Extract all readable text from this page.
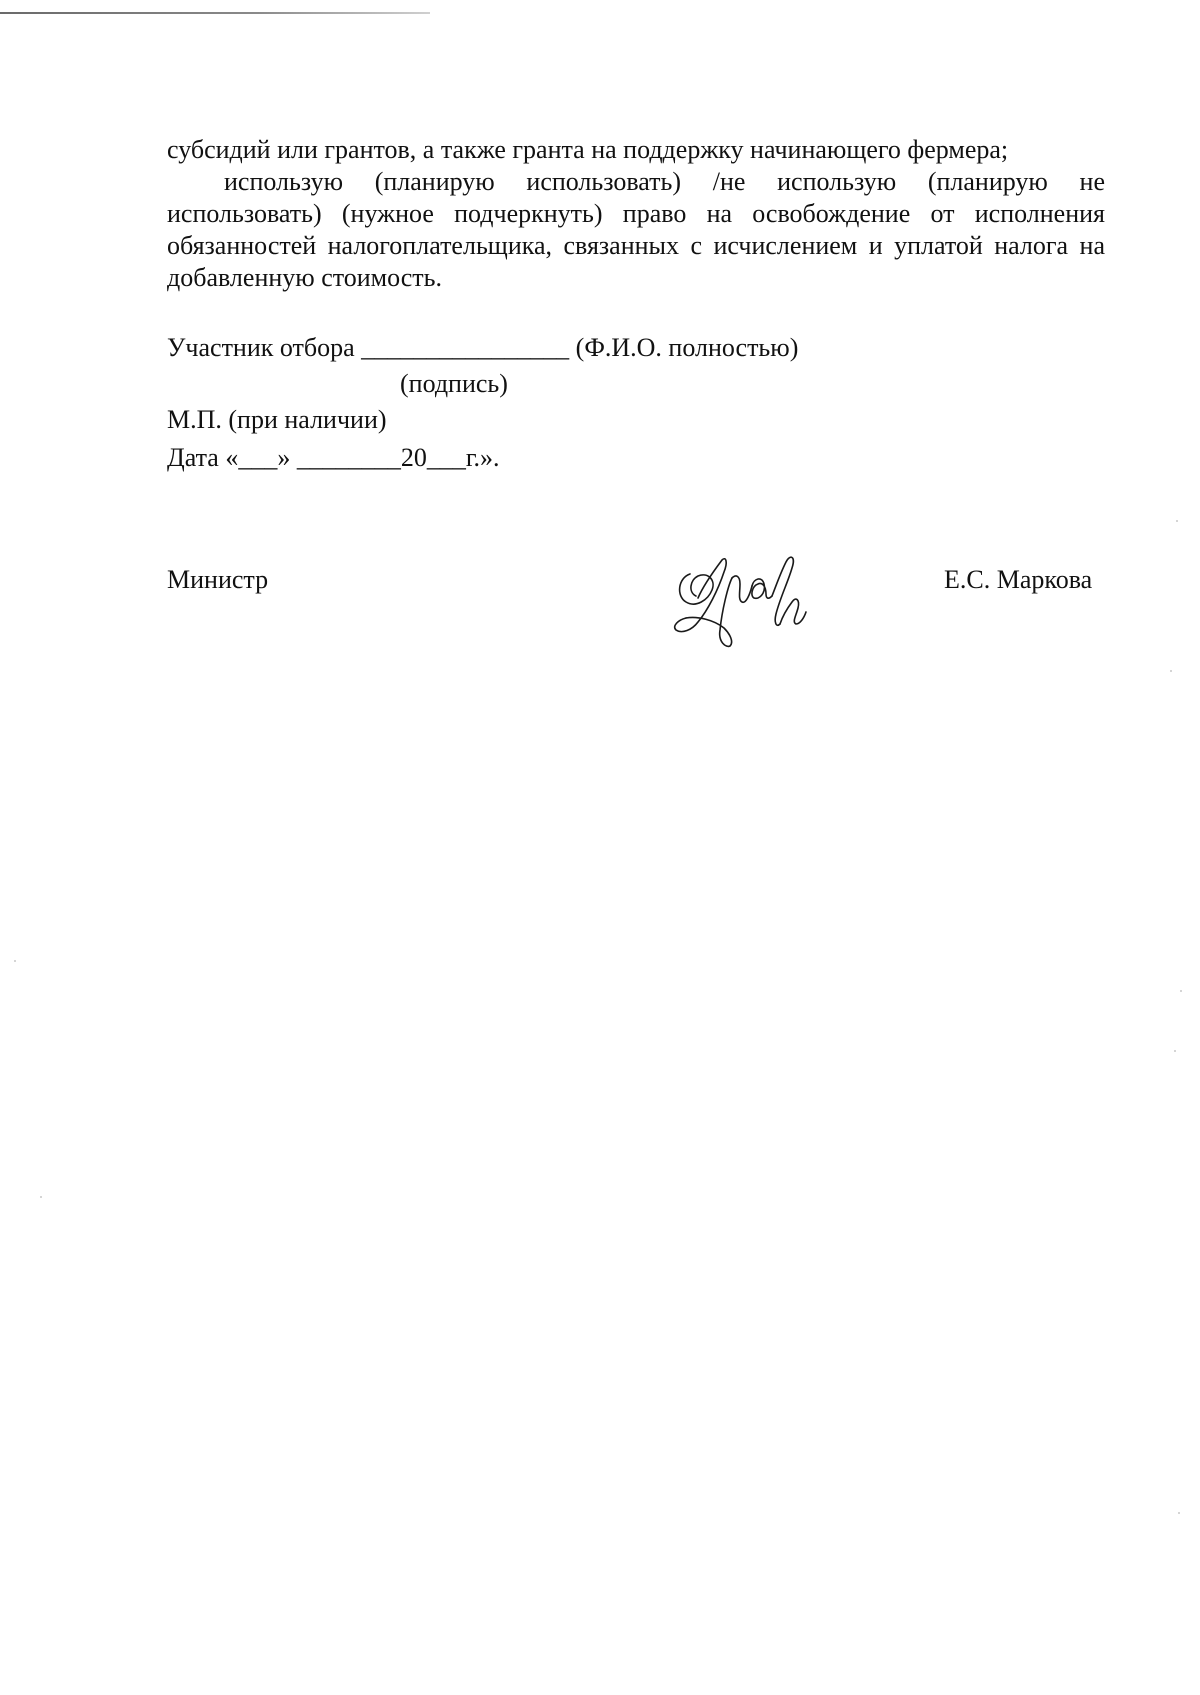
субсидий или грантов, а также гранта на поддержку начинающего фермера;

использую (планирую использовать) /не использую (планирую не использовать) (нужное подчеркнуть) право на освобождение от исполнения обязанностей налогоплательщика, связанных с исчислением и уплатой налога на добавленную стоимость.

Участник отбора ________________ (Ф.И.О. полностью)
(подпись)
М.П. (при наличии)
Дата «___» ________20___г.».
Министр	Е.С. Маркова
